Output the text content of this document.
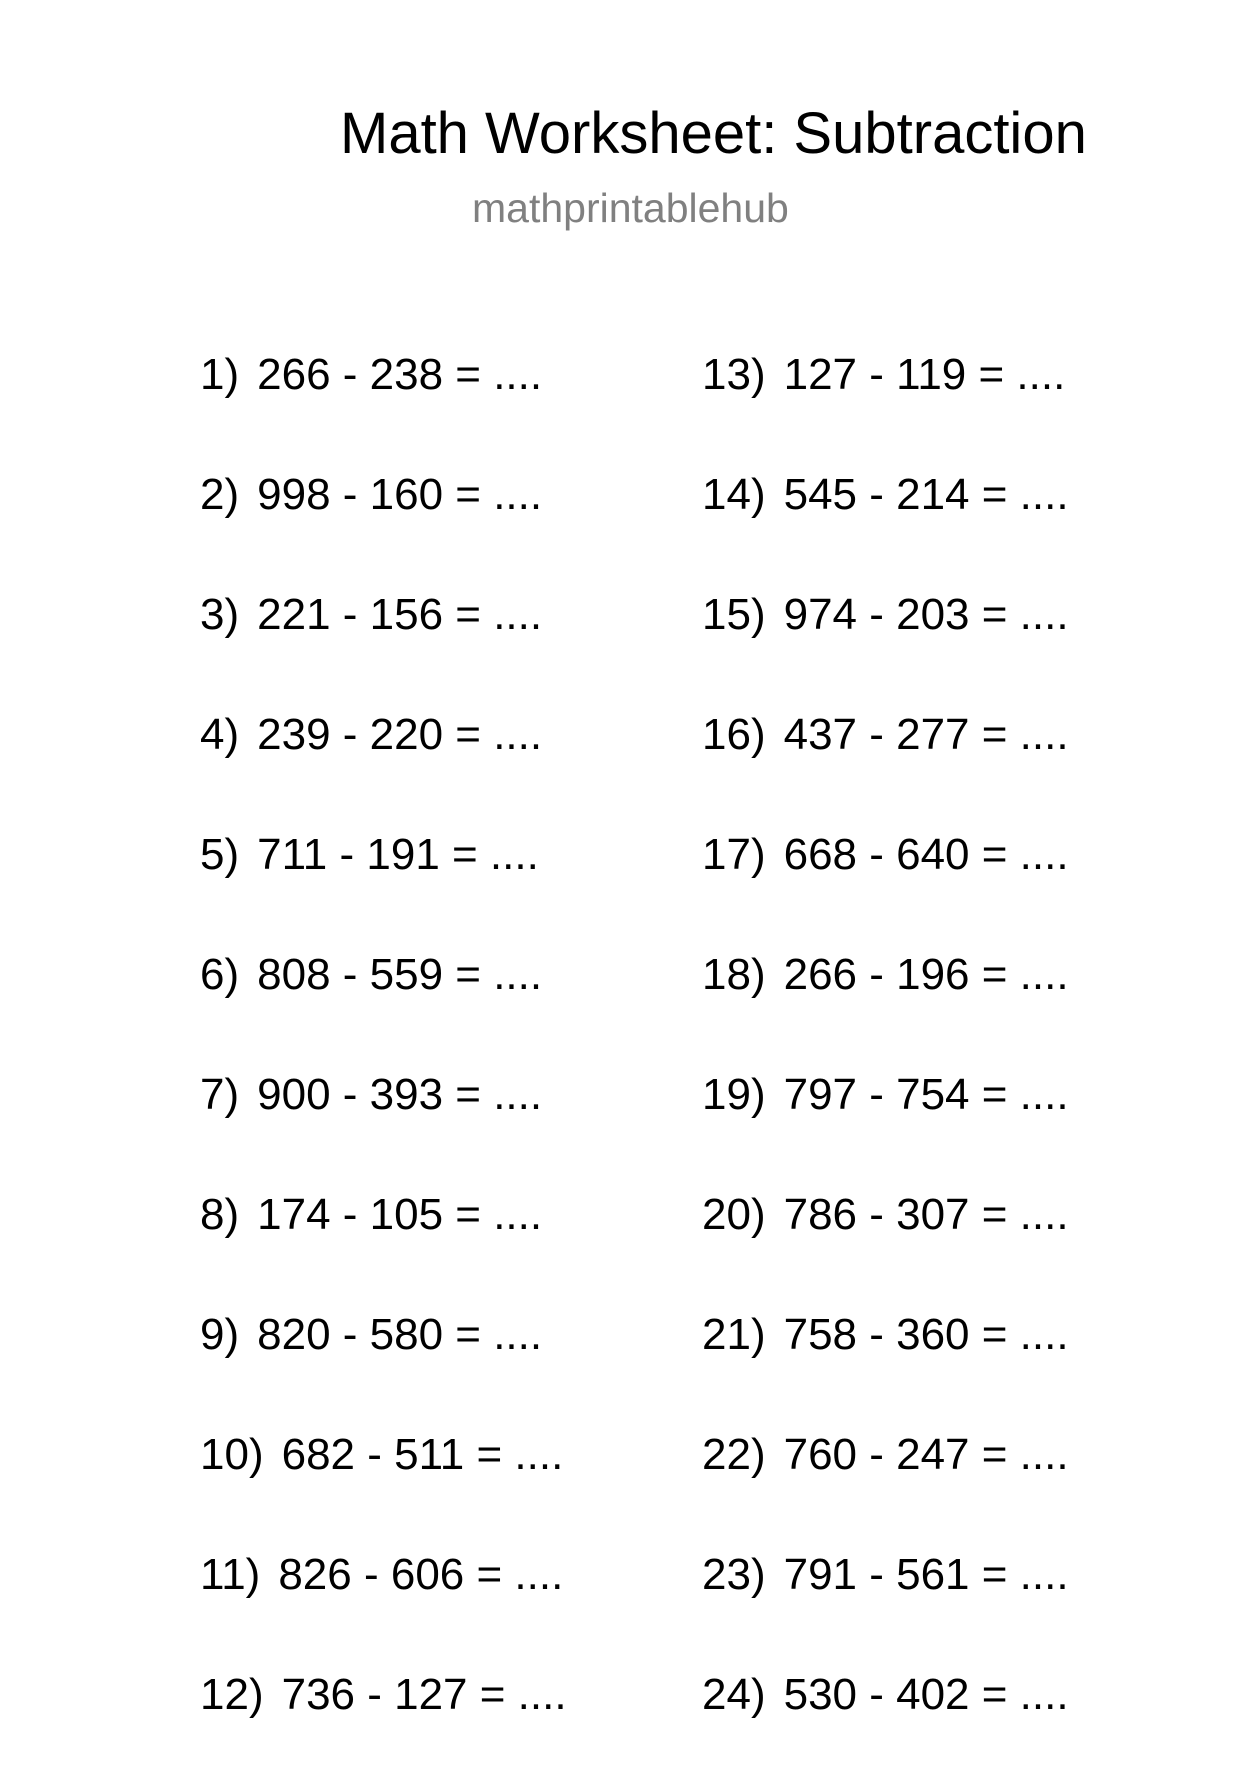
Math Worksheet: Subtraction
mathprintablehub
1) 266 - 238 = ....
2) 998 - 160 = ....
3) 221 - 156 = ....
4) 239 - 220 = ....
5) 711 - 191 = ....
6) 808 - 559 = ....
7) 900 - 393 = ....
8) 174 - 105 = ....
9) 820 - 580 = ....
10) 682 - 511 = ....
11) 826 - 606 = ....
12) 736 - 127 = ....
13) 127 - 119 = ....
14) 545 - 214 = ....
15) 974 - 203 = ....
16) 437 - 277 = ....
17) 668 - 640 = ....
18) 266 - 196 = ....
19) 797 - 754 = ....
20) 786 - 307 = ....
21) 758 - 360 = ....
22) 760 - 247 = ....
23) 791 - 561 = ....
24) 530 - 402 = ....
